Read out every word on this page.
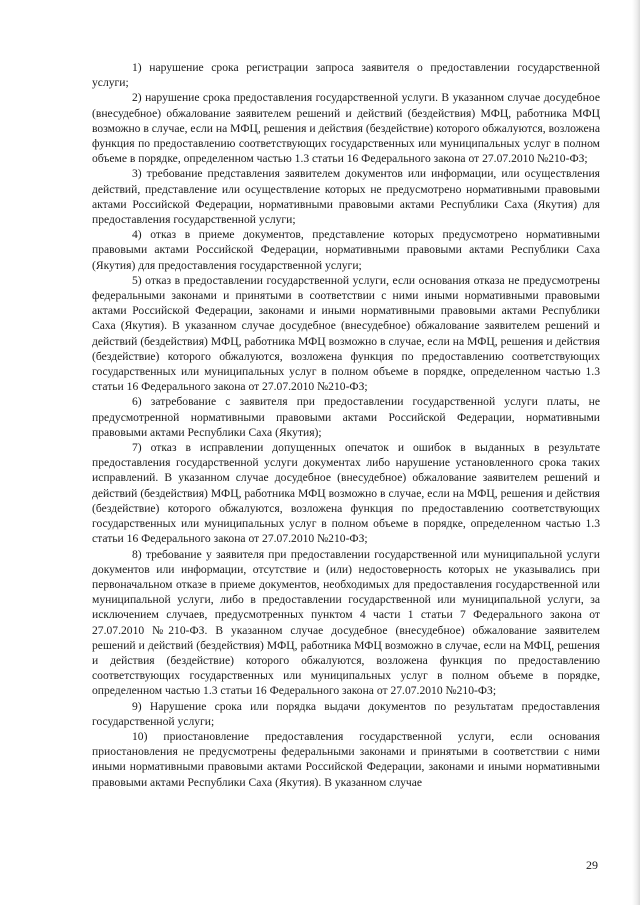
1) нарушение срока регистрации запроса заявителя о предоставлении государственной услуги;

2) нарушение срока предоставления государственной услуги. В указанном случае досудебное (внесудебное) обжалование заявителем решений и действий (бездействия) МФЦ, работника МФЦ возможно в случае, если на МФЦ, решения и действия (бездействие) которого обжалуются, возложена функция по предоставлению соответствующих государственных или муниципальных услуг в полном объеме в порядке, определенном частью 1.3 статьи 16 Федерального закона от 27.07.2010 №210-ФЗ;

3) требование представления заявителем документов или информации, или осуществления действий, представление или осуществление которых не предусмотрено нормативными правовыми актами Российской Федерации, нормативными правовыми актами Республики Саха (Якутия) для предоставления государственной услуги;

4) отказ в приеме документов, представление которых предусмотрено нормативными правовыми актами Российской Федерации, нормативными правовыми актами Республики Саха (Якутия) для предоставления государственной услуги;

5) отказ в предоставлении государственной услуги, если основания отказа не предусмотрены федеральными законами и принятыми в соответствии с ними иными нормативными правовыми актами Российской Федерации, законами и иными нормативными правовыми актами Республики Саха (Якутия). В указанном случае досудебное (внесудебное) обжалование заявителем решений и действий (бездействия) МФЦ, работника МФЦ возможно в случае, если на МФЦ, решения и действия (бездействие) которого обжалуются, возложена функция по предоставлению соответствующих государственных или муниципальных услуг в полном объеме в порядке, определенном частью 1.3 статьи 16 Федерального закона от 27.07.2010 №210-ФЗ;

6) затребование с заявителя при предоставлении государственной услуги платы, не предусмотренной нормативными правовыми актами Российской Федерации, нормативными правовыми актами Республики Саха (Якутия);

7) отказ в исправлении допущенных опечаток и ошибок в выданных в результате предоставления государственной услуги документах либо нарушение установленного срока таких исправлений. В указанном случае досудебное (внесудебное) обжалование заявителем решений и действий (бездействия) МФЦ, работника МФЦ возможно в случае, если на МФЦ, решения и действия (бездействие) которого обжалуются, возложена функция по предоставлению соответствующих государственных или муниципальных услуг в полном объеме в порядке, определенном частью 1.3 статьи 16 Федерального закона от 27.07.2010 №210-ФЗ;

8) требование у заявителя при предоставлении государственной или муниципальной услуги документов или информации, отсутствие и (или) недостоверность которых не указывались при первоначальном отказе в приеме документов, необходимых для предоставления государственной или муниципальной услуги, либо в предоставлении государственной или муниципальной услуги, за исключением случаев, предусмотренных пунктом 4 части 1 статьи 7 Федерального закона от 27.07.2010 №210-ФЗ. В указанном случае досудебное (внесудебное) обжалование заявителем решений и действий (бездействия) МФЦ, работника МФЦ возможно в случае, если на МФЦ, решения и действия (бездействие) которого обжалуются, возложена функция по предоставлению соответствующих государственных или муниципальных услуг в полном объеме в порядке, определенном частью 1.3 статьи 16 Федерального закона от 27.07.2010 №210-ФЗ;

9) Нарушение срока или порядка выдачи документов по результатам предоставления государственной услуги;

10) приостановление предоставления государственной услуги, если основания приостановления не предусмотрены федеральными законами и принятыми в соответствии с ними иными нормативными правовыми актами Российской Федерации, законами и иными нормативными правовыми актами Республики Саха (Якутия). В указанном случае

29
